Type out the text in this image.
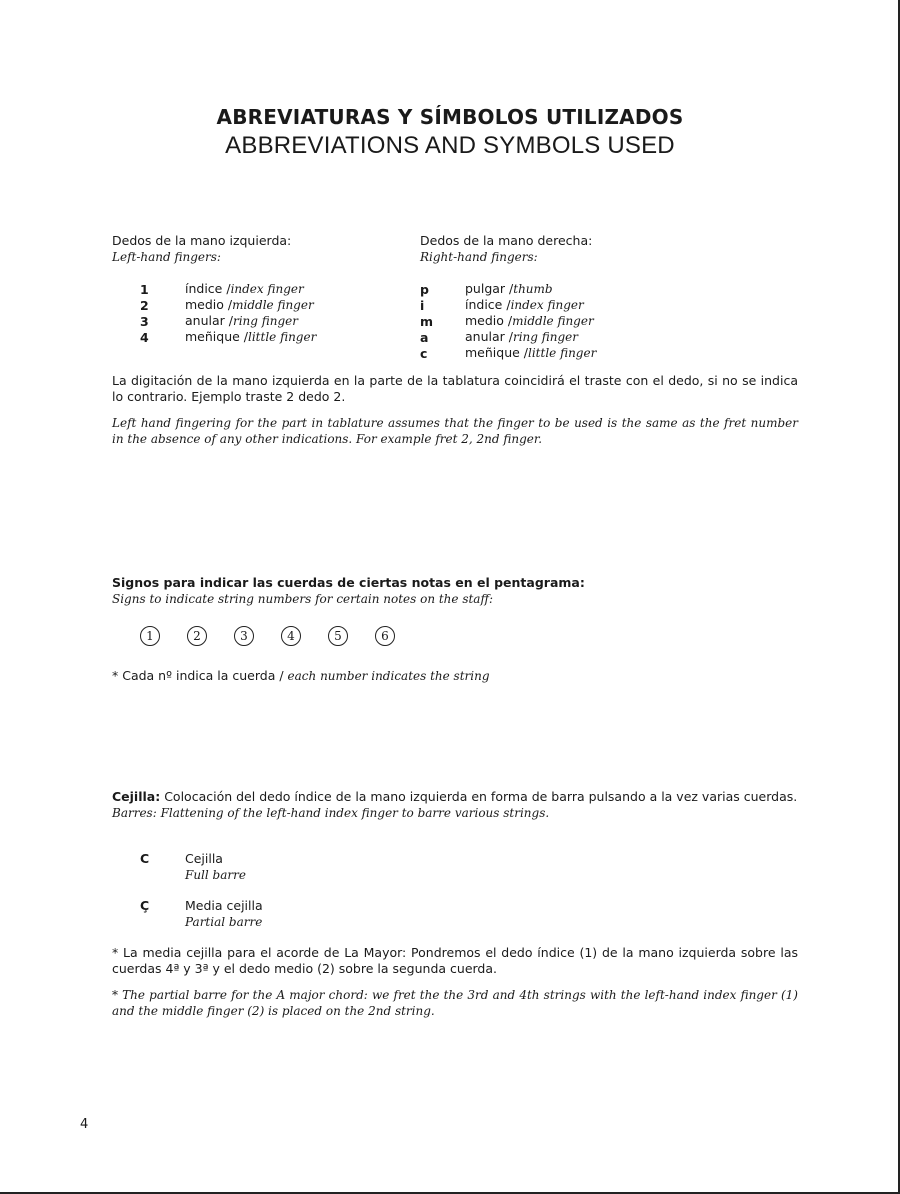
ABREVIATURAS Y SÍMBOLOS UTILIZADOS
ABBREVIATIONS AND SYMBOLS USED
Dedos de la mano izquierda:
Left-hand fingers:
1	índice / index finger
2	medio / middle finger
3	anular / ring finger
4	meñique / little finger
Dedos de la mano derecha:
Right-hand fingers:
p	pulgar / thumb
i	índice / index finger
m	medio / middle finger
a	anular / ring finger
c	meñique / little finger
La digitación de la mano izquierda en la parte de la tablatura coincidirá el traste con el dedo, si no se indica lo contrario. Ejemplo traste 2 dedo 2.
Left hand fingering for the part in tablature assumes that the finger to be used is the same as the fret number in the absence of any other indications. For example fret 2, 2nd finger.
Signos para indicar las cuerdas de ciertas notas en el pentagrama:
Signs to indicate string numbers for certain notes on the staff:
1	2	3	4	5	6
* Cada nº indica la cuerda / each number indicates the string
Cejilla: Colocación del dedo índice de la mano izquierda en forma de barra pulsando a la vez varias cuerdas.
Barres: Flattening of the left-hand index finger to barre various strings.
C	Cejilla
Full barre
Ç	Media cejilla
Partial barre
* La media cejilla para el acorde de La Mayor: Pondremos el dedo índice (1) de la mano izquierda sobre las cuerdas 4ª y 3ª y el dedo medio (2) sobre la segunda cuerda.
* The partial barre for the A major chord: we fret the the 3rd and 4th strings with the left-hand index finger (1) and the middle finger (2) is placed on the 2nd string.
4
